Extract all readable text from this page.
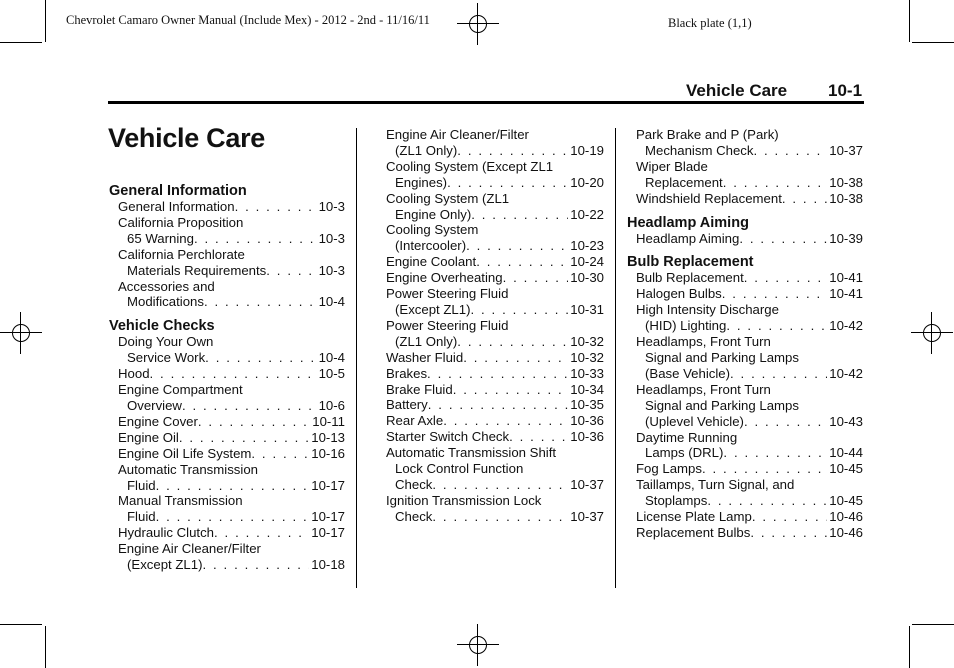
Chevrolet Camaro Owner Manual (Include Mex) - 2012 - 2nd - 11/16/11	Black plate (1,1)
Vehicle Care 10-1
Vehicle Care
General Information
General Information . . .	10-3
California Proposition
65 Warning . . .	10-3
California Perchlorate
Materials Requirements . . .	10-3
Accessories and
Modifications . . .	10-4
Vehicle Checks
Doing Your Own
Service Work . . .	10-4
Hood . . .	10-5
Engine Compartment
Overview . . .	10-6
Engine Cover . . .	10-11
Engine Oil . . .	10-13
Engine Oil Life System . . .	10-16
Automatic Transmission
Fluid . . .	10-17
Manual Transmission
Fluid . . .	10-17
Hydraulic Clutch . . .	10-17
Engine Air Cleaner/Filter
(Except ZL1) . . .	10-18
Engine Air Cleaner/Filter
(ZL1 Only) . . .	10-19
Cooling System (Except ZL1
Engines) . . .	10-20
Cooling System (ZL1
Engine Only) . . .	10-22
Cooling System
(Intercooler) . . .	10-23
Engine Coolant . . .	10-24
Engine Overheating . . .	10-30
Power Steering Fluid
(Except ZL1) . . .	10-31
Power Steering Fluid
(ZL1 Only) . . .	10-32
Washer Fluid . . .	10-32
Brakes . . .	10-33
Brake Fluid . . .	10-34
Battery . . .	10-35
Rear Axle . . .	10-36
Starter Switch Check . . .	10-36
Automatic Transmission Shift
Lock Control Function
Check . . .	10-37
Ignition Transmission Lock
Check . . .	10-37
Park Brake and P (Park)
Mechanism Check . . .	10-37
Wiper Blade
Replacement . . .	10-38
Windshield Replacement . . .	10-38
Headlamp Aiming
Headlamp Aiming . . .	10-39
Bulb Replacement
Bulb Replacement . . .	10-41
Halogen Bulbs . . .	10-41
High Intensity Discharge
(HID) Lighting . . .	10-42
Headlamps, Front Turn
Signal and Parking Lamps
(Base Vehicle) . . .	10-42
Headlamps, Front Turn
Signal and Parking Lamps
(Uplevel Vehicle) . . .	10-43
Daytime Running
Lamps (DRL) . . .	10-44
Fog Lamps . . .	10-45
Taillamps, Turn Signal, and
Stoplamps . . .	10-45
License Plate Lamp . . .	10-46
Replacement Bulbs . . .	10-46
